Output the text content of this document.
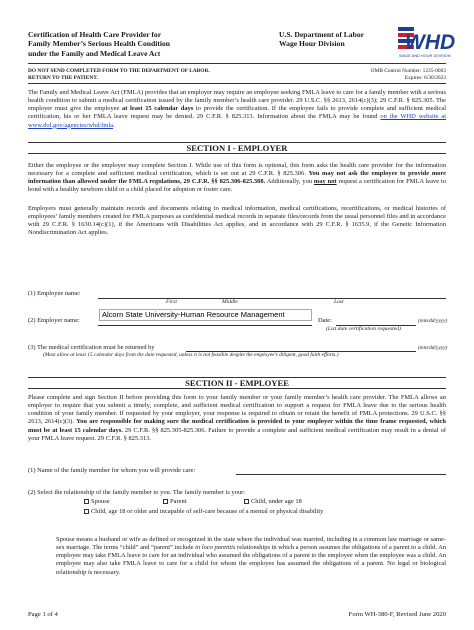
Certification of Health Care Provider for
Family Member’s Serious Health Condition
under the Family and Medical Leave Act
U.S. Department of Labor
Wage Hour Division	WHD
WAGE AND HOUR DIVISION
DO NOT SEND COMPLETED FORM TO THE DEPARTMENT OF LABOR.
RETURN TO THE PATIENT.
OMB Control Number: 1235-0003
Expires: 6/30/2023
The Family and Medical Leave Act (FMLA) provides that an employer may require an employee seeking FMLA leave to care for a family member with a serious health condition to submit a medical certification issued by the family member’s health care provider. 29 U.S.C. §§ 2613, 2614(c)(3); 29 C.F.R. § 825.305. The employer must give the employee at least 15 calendar days to provide the certification. If the employee fails to provide complete and sufficient medical certification, his or her FMLA leave request may be denied. 29 C.F.R. § 825.313. Information about the FMLA may be found on the WHD website at www.dol.gov/agencies/whd/fmla.
SECTION I - EMPLOYER
Either the employee or the employer may complete Section I. While use of this form is optional, this form asks the health care provider for the information necessary for a complete and sufficient medical certification, which is set out at 29 C.F.R. § 825.306. You may not ask the employee to provide more information than allowed under the FMLA regulations, 29 C.F.R. §§ 825.306-825.308. Additionally, you may not request a certification for FMLA leave to bond with a healthy newborn child or a child placed for adoption or foster care.
Employers must generally maintain records and documents relating to medical information, medical certifications, recertifications, or medical histories of employees’ family members created for FMLA purposes as confidential medical records in separate files/records from the usual personnel files and in accordance with 29 C.F.R. § 1630.14(c)(1), if the Americans with Disabilities Act applies, and in accordance with 29 C.F.R. § 1635.9, if the Genetic Information Nondiscrimination Act applies.
(1) Employee name:
First	Middle	Last
(2) Employer name:
Alcorn State University-Human Resource Management
Date:	(mm/dd/yyyy)
(List date certification requested)
(3) The medical certification must be returned by	(mm/dd/yyyy)
(Must allow at least 15 calendar days from the date requested, unless it is not feasible despite the employee’s diligent, good faith efforts.)
SECTION II - EMPLOYEE
Please complete and sign Section II before providing this form to your family member or your family member’s health care provider. The FMLA allows an employer to require that you submit a timely, complete, and sufficient medical certification to support a request for FMLA leave due to the serious health condition of your family member. If requested by your employer, your response is required to obtain or retain the benefit of FMLA protections. 29 U.S.C. §§ 2613, 2614(c)(3). You are responsible for making sure the medical certification is provided to your employer within the time frame requested, which must be at least 15 calendar days. 29 C.F.R. §§ 825.305-825.306. Failure to provide a complete and sufficient medical certification may result in a denial of your FMLA leave request. 29 C.F.R. § 825.313.
(1) Name of the family member for whom you will provide care:
(2) Select the relationship of the family member to you. The family member is your:
Spouse	Parent	Child, under age 18
Child, age 18 or older and incapable of self-care because of a mental or physical disability
Spouse means a husband or wife as defined or recognized in the state where the individual was married, including in a common law marriage or same-sex marriage. The terms “child” and “parent” include in loco parentis relationships in which a person assumes the obligations of a parent to a child. An employee may take FMLA leave to care for an individual who assumed the obligations of a parent to the employee when the employee was a child. An employee may also take FMLA leave to care for a child for whom the employee has assumed the obligations of a parent. No legal or biological relationship is necessary.
Page 1 of 4	Form WH-380-F, Revised June 2020
